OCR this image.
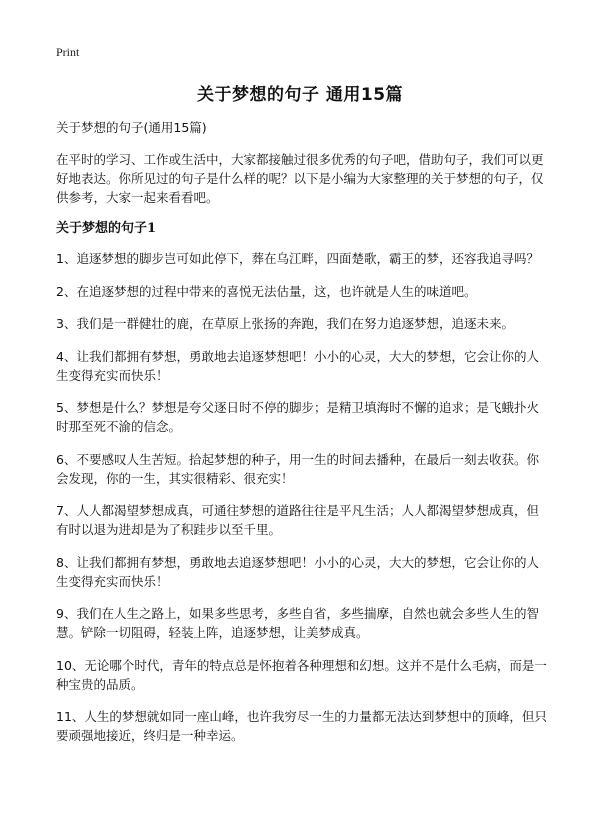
Print
关于梦想的句子 通用15篇

关于梦想的句子(通用15篇)

在平时的学习、工作或生活中，大家都接触过很多优秀的句子吧，借助句子，我们可以更好地表达。你所见过的句子是什么样的呢？以下是小编为大家整理的关于梦想的句子，仅供参考，大家一起来看看吧。

关于梦想的句子1

1、追逐梦想的脚步岂可如此停下，葬在乌江畔，四面楚歌，霸王的梦，还容我追寻吗？

2、在追逐梦想的过程中带来的喜悦无法估量，这，也许就是人生的味道吧。

3、我们是一群健壮的鹿，在草原上张扬的奔跑，我们在努力追逐梦想，追逐未来。

4、让我们都拥有梦想，勇敢地去追逐梦想吧！小小的心灵，大大的梦想，它会让你的人生变得充实而快乐！

5、梦想是什么？梦想是夸父逐日时不停的脚步；是精卫填海时不懈的追求；是飞蛾扑火时那至死不渝的信念。

6、不要感叹人生苦短。拾起梦想的种子，用一生的时间去播种，在最后一刻去收获。你会发现，你的一生，其实很精彩、很充实！

7、人人都渴望梦想成真，可通往梦想的道路往往是平凡生活；人人都渴望梦想成真，但有时以退为进却是为了积跬步以至千里。

8、让我们都拥有梦想，勇敢地去追逐梦想吧！小小的心灵，大大的梦想，它会让你的人生变得充实而快乐！

9、我们在人生之路上，如果多些思考，多些自省，多些揣摩，自然也就会多些人生的智慧。铲除一切阻碍，轻装上阵，追逐梦想，让美梦成真。

10、无论哪个时代，青年的特点总是怀抱着各种理想和幻想。这并不是什么毛病，而是一种宝贵的品质。

11、人生的梦想就如同一座山峰，也许我穷尽一生的力量都无法达到梦想中的顶峰，但只要顽强地接近，终归是一种幸运。
